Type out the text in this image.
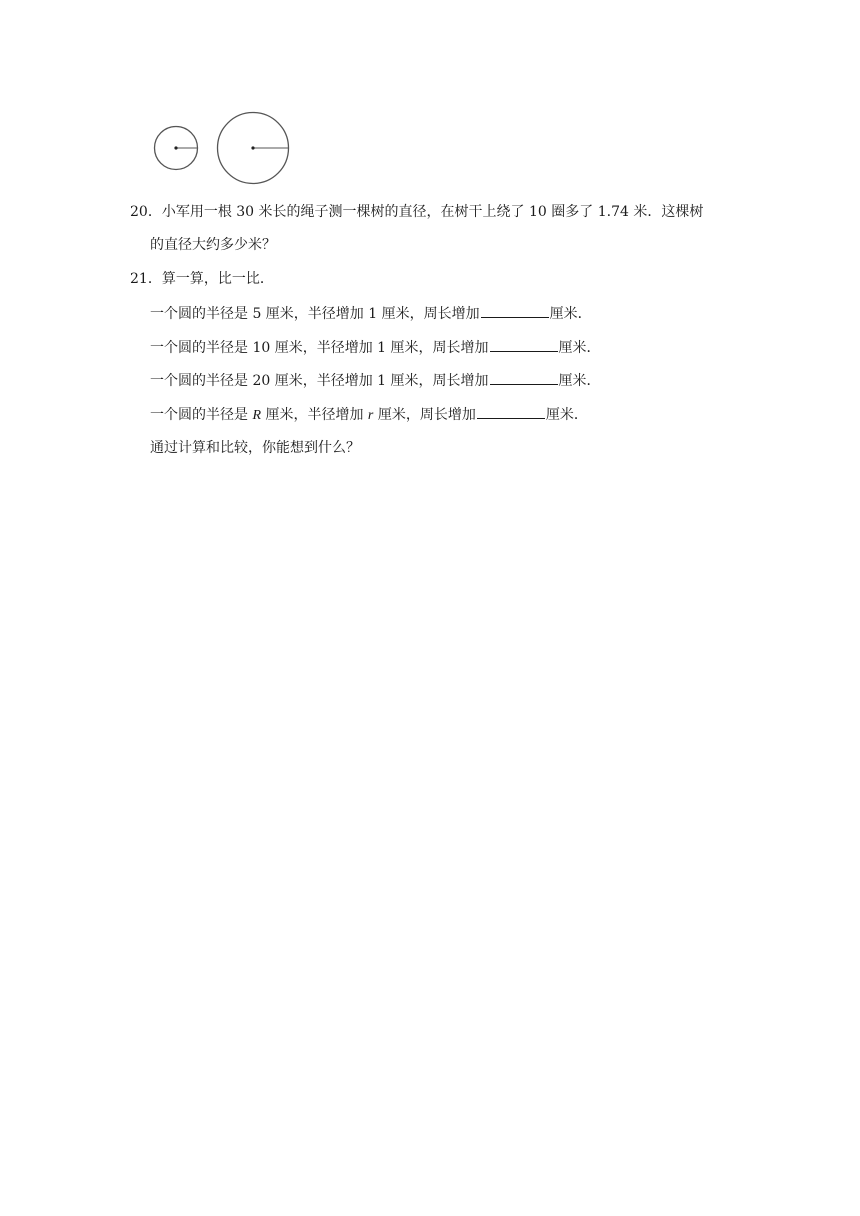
20．小军用一根 30 米长的绳子测一棵树的直径，在树干上绕了 10 圈多了 1.74 米．这棵树
的直径大约多少米？
21．算一算，比一比．
一个圆的半径是 5 厘米，半径增加 1 厘米，周长增加	厘米．
一个圆的半径是 10 厘米，半径增加 1 厘米，周长增加	厘米．
一个圆的半径是 20 厘米，半径增加 1 厘米，周长增加	厘米．
一个圆的半径是 R 厘米，半径增加 r 厘米，周长增加	厘米．
通过计算和比较，你能想到什么？
